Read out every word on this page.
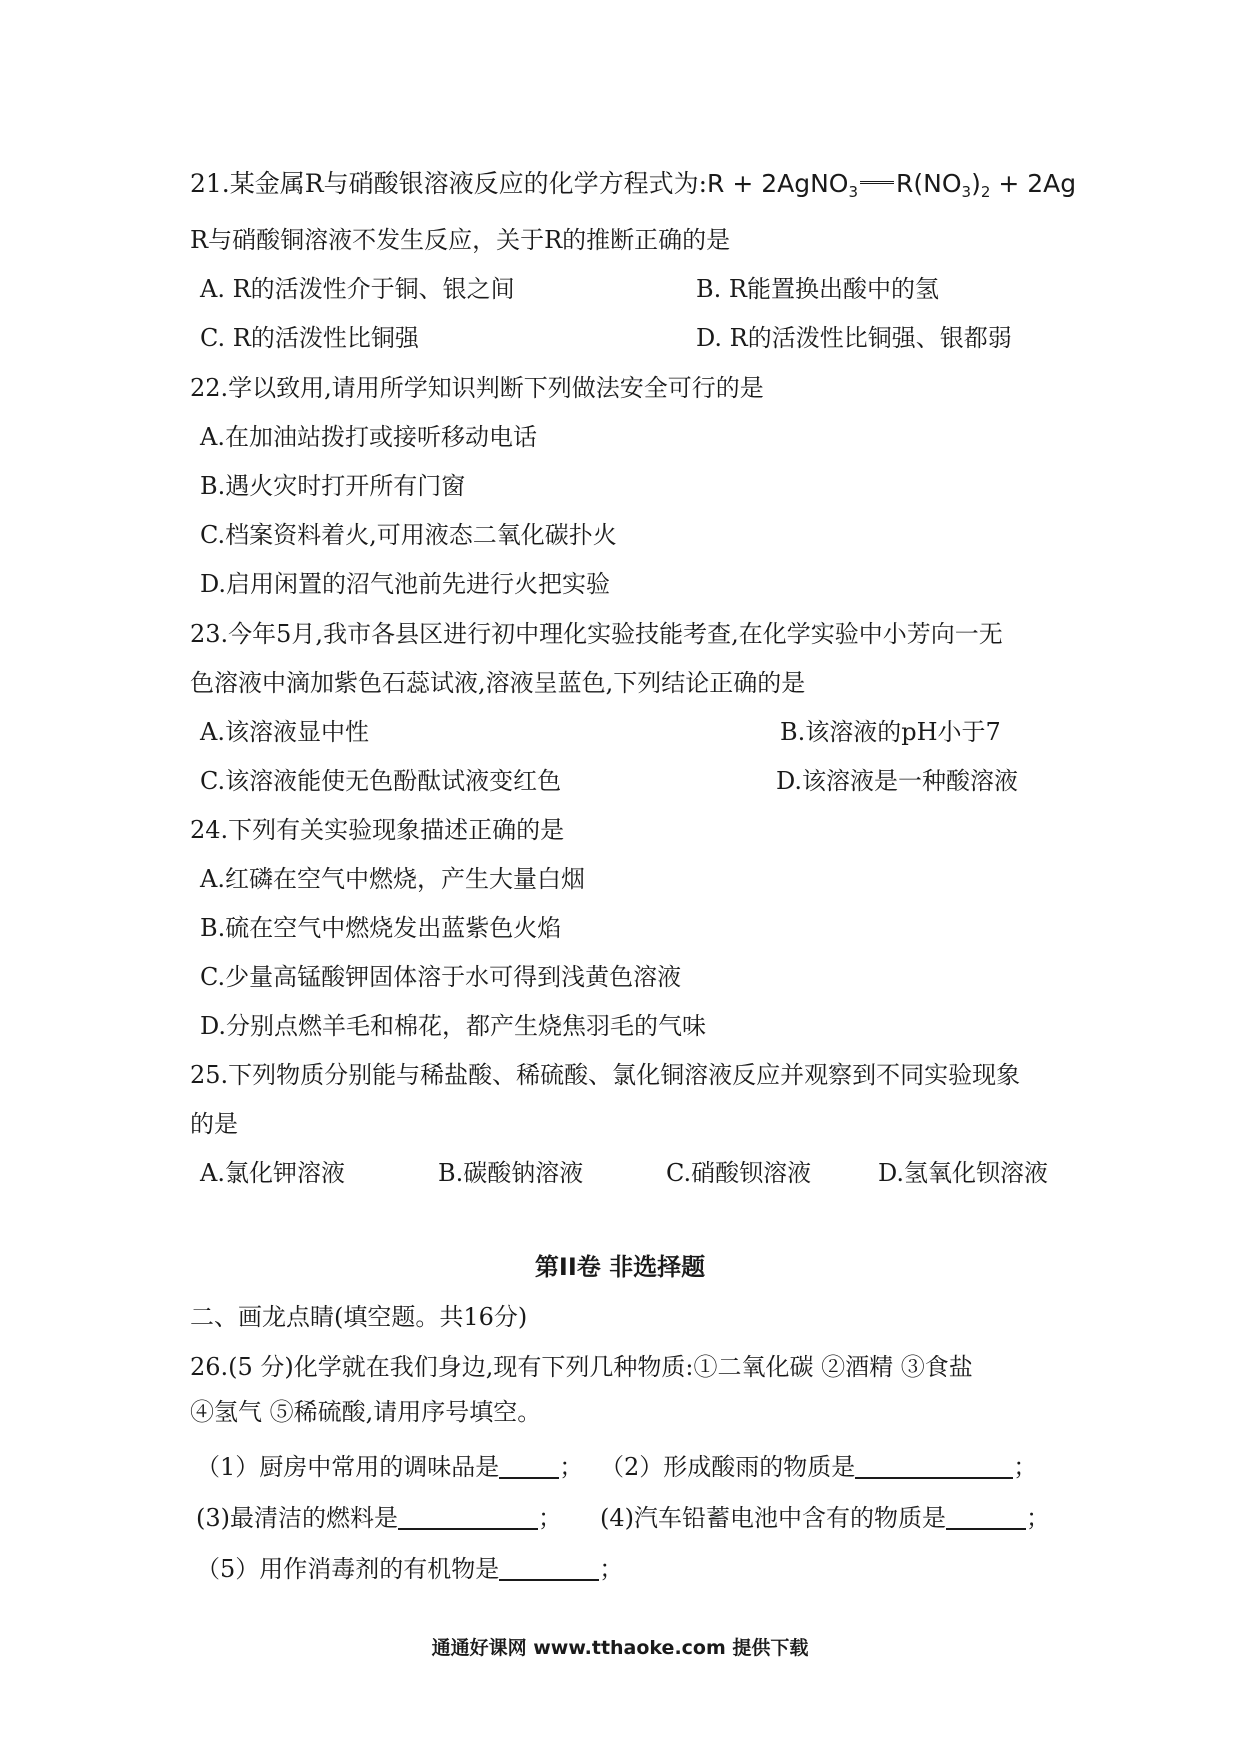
21.某金属R与硝酸银溶液反应的化学方程式为:R + 2AgNO$_3$ $R(NO_3)_2 + 2Ag$
R与硝酸铜溶液不发生反应，关于R的推断正确的是
A. R的活泼性介于铜、银之间	B. R能置换出酸中的氢
C. R的活泼性比铜强	D. R的活泼性比铜强、银都弱
22.学以致用,请用所学知识判断下列做法安全可行的是
A.在加油站拨打或接听移动电话
B.遇火灾时打开所有门窗
C.档案资料着火,可用液态二氧化碳扑火
D.启用闲置的沼气池前先进行火把实验
23.今年5月,我市各县区进行初中理化实验技能考查,在化学实验中小芳向一无
色溶液中滴加紫色石蕊试液,溶液呈蓝色,下列结论正确的是
A.该溶液显中性	B.该溶液的pH小于7
C.该溶液能使无色酚酞试液变红色	D.该溶液是一种酸溶液
24.下列有关实验现象描述正确的是
A.红磷在空气中燃烧，产生大量白烟
B.硫在空气中燃烧发出蓝紫色火焰
C.少量高锰酸钾固体溶于水可得到浅黄色溶液
D.分别点燃羊毛和棉花，都产生烧焦羽毛的气味
25.下列物质分别能与稀盐酸、稀硫酸、氯化铜溶液反应并观察到不同实验现象
的是
A.氯化钾溶液	B.碳酸钠溶液	C.硝酸钡溶液	D.氢氧化钡溶液
第II卷 非选择题
二、画龙点睛(填空题。共16分)
26.(5 分)化学就在我们身边,现有下列几种物质:①二氧化碳 ②酒精 ③食盐
④氢气 ⑤稀硫酸,请用序号填空。
（1）厨房中常用的调味品是	； （2）形成酸雨的物质是	；
(3)最清洁的燃料是	； (4)汽车铅蓄电池中含有的物质是	；
（5）用作消毒剂的有机物是	；
通通好课网 www.tthaoke.com 提供下载
